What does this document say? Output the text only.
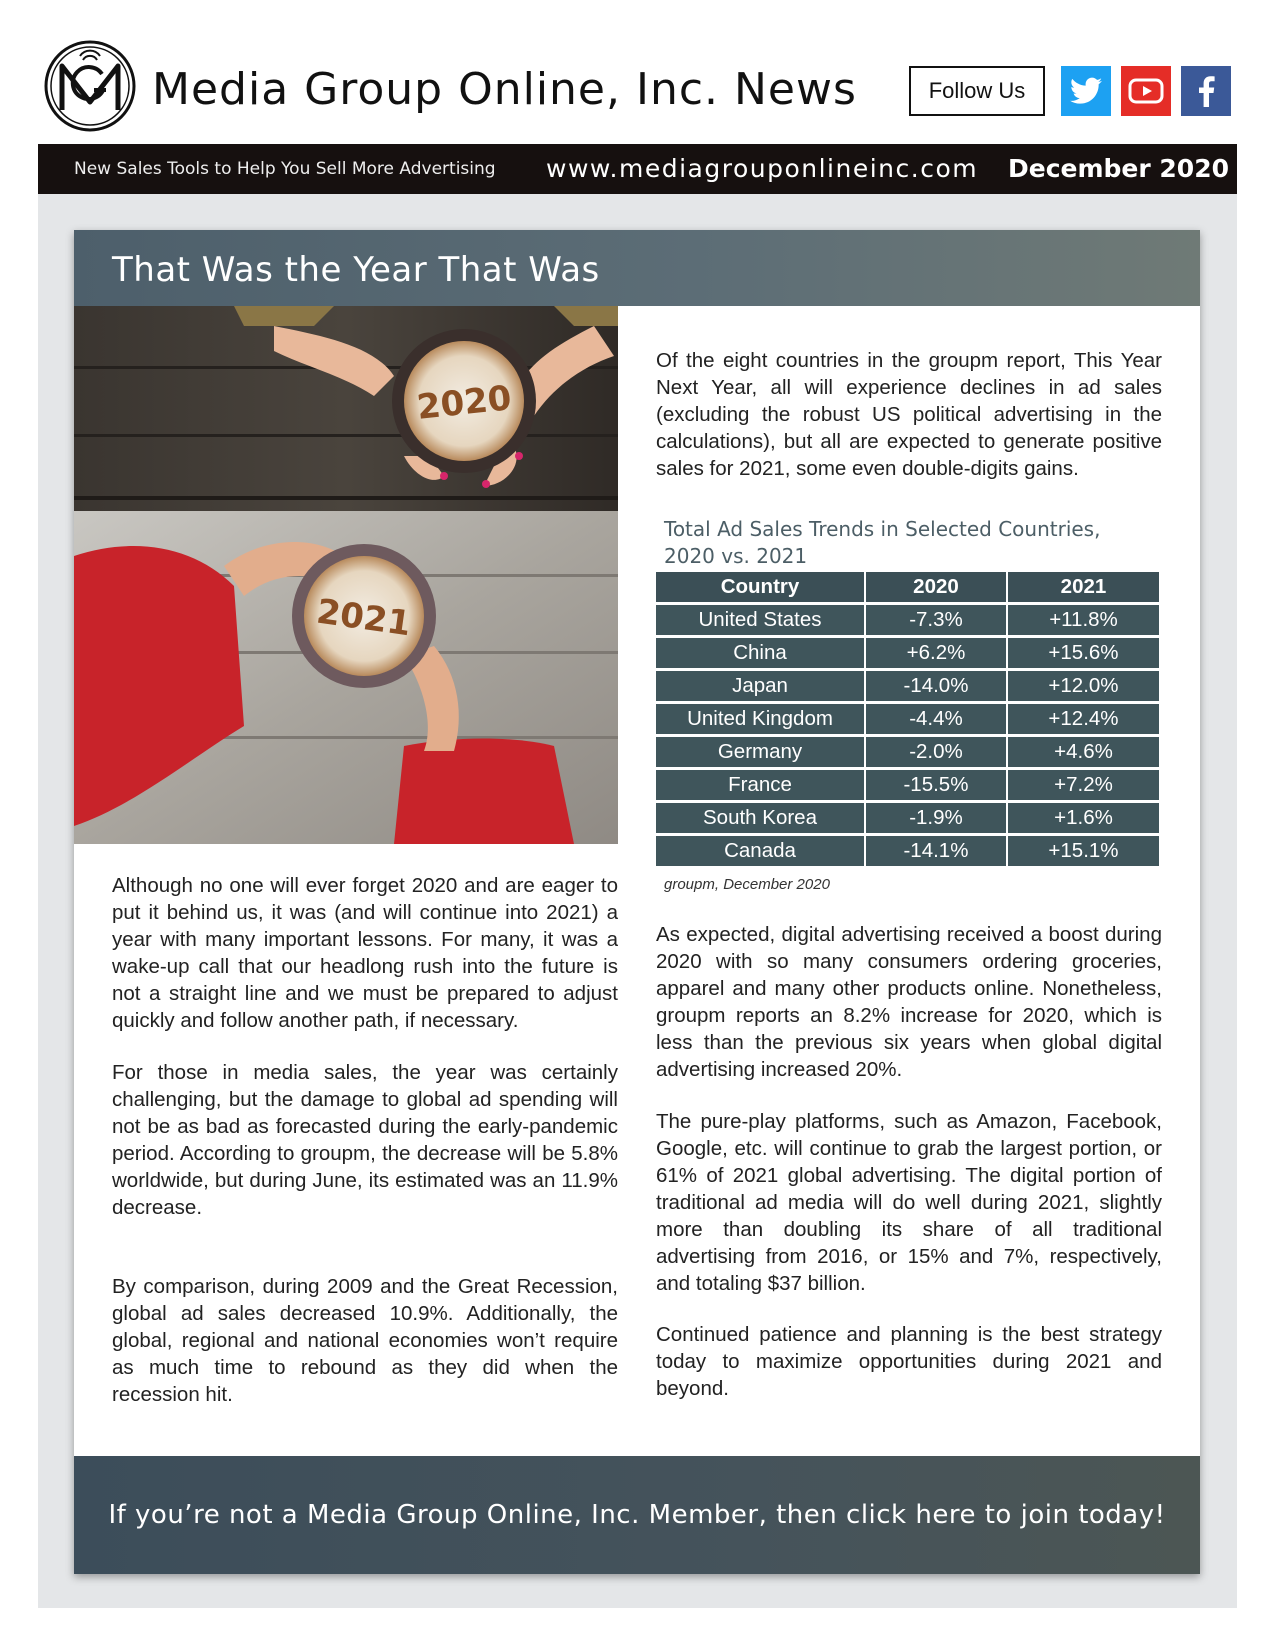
Media Group Online, Inc. News	Follow Us
New Sales Tools to Help You Sell More Advertising www.mediagrouponlineinc.com December 2020
2020
2021
That Was the Year That Was

Although no one will ever forget 2020 and are eager to put it behind us, it was (and will continue into 2021) a year with many important lessons. For many, it was a wake-up call that our headlong rush into the future is not a straight line and we must be prepared to adjust quickly and follow another path, if necessary.

For those in media sales, the year was certainly challenging, but the damage to global ad spending will not be as bad as forecasted during the early-pandemic period. According to groupm, the decrease will be 5.8% worldwide, but during June, its estimated was an 11.9% decrease.

By comparison, during 2009 and the Great Recession, global ad sales decreased 10.9%. Additionally, the global, regional and national economies won’t require as much time to rebound as they did when the recession hit.

Of the eight countries in the groupm report, This Year Next Year, all will experience declines in ad sales (excluding the robust US political advertising in the calculations), but all are expected to generate positive sales for 2021, some even double-digits gains.

Total Ad Sales Trends in Selected Countries, 2020 vs. 2021
Country	2020	2021
United States	-7.3%	+11.8%
China	+6.2%	+15.6%
Japan	-14.0%	+12.0%
United Kingdom	-4.4%	+12.4%
Germany	-2.0%	+4.6%
France	-15.5%	+7.2%
South Korea	-1.9%	+1.6%
Canada	-14.1%	+15.1%
groupm, December 2020

As expected, digital advertising received a boost during 2020 with so many consumers ordering groceries, apparel and many other products online. Nonetheless, groupm reports an 8.2% increase for 2020, which is less than the previous six years when global digital advertising increased 20%.

The pure-play platforms, such as Amazon, Facebook, Google, etc. will continue to grab the largest portion, or 61% of 2021 global advertising. The digital portion of traditional ad media will do well during 2021, slightly more than doubling its share of all traditional advertising from 2016, or 15% and 7%, respectively, and totaling $37 billion.

Continued patience and planning is the best strategy today to maximize opportunities during 2021 and beyond.

If you’re not a Media Group Online, Inc. Member, then click here to join today!
